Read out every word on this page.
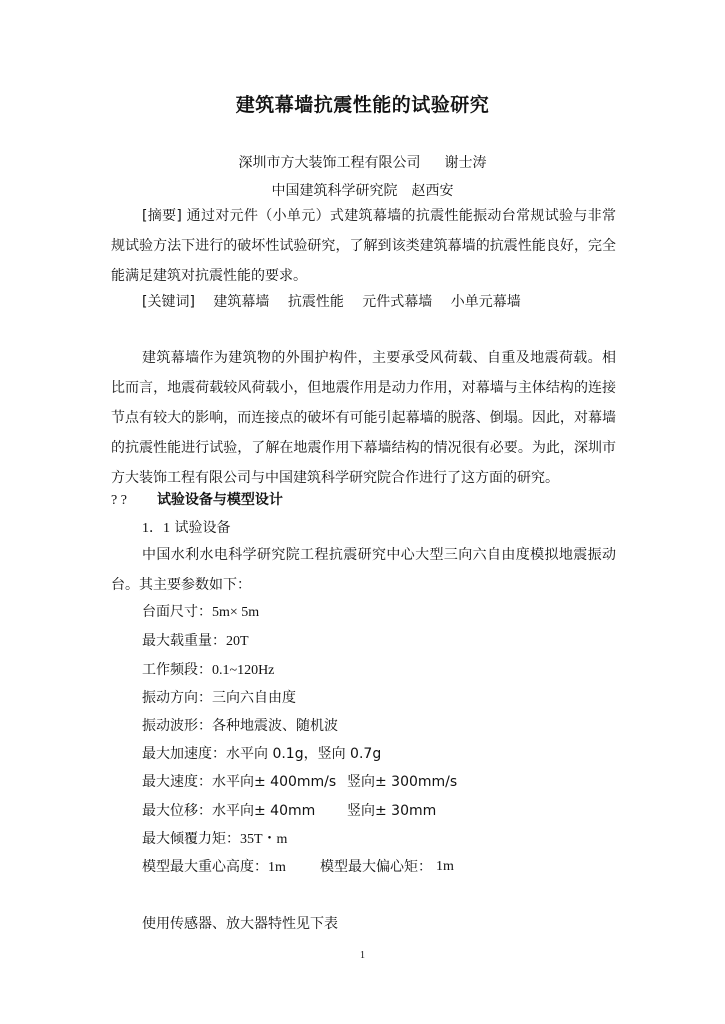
建筑幕墙抗震性能的试验研究
深圳市方大装饰工程有限公司 谢士涛
中国建筑科学研究院 赵西安
[摘要] 通过对元件（小单元）式建筑幕墙的抗震性能振动台常规试验与非常规试验方法下进行的破坏性试验研究，了解到该类建筑幕墙的抗震性能良好，完全能满足建筑对抗震性能的要求。
[关键词] 建筑幕墙 抗震性能 元件式幕墙 小单元幕墙
建筑幕墙作为建筑物的外围护构件，主要承受风荷载、自重及地震荷载。相比而言，地震荷载较风荷载小，但地震作用是动力作用，对幕墙与主体结构的连接节点有较大的影响，而连接点的破坏有可能引起幕墙的脱落、倒塌。因此，对幕墙的抗震性能进行试验，了解在地震作用下幕墙结构的情况很有必要。为此，深圳市方大装饰工程有限公司与中国建筑科学研究院合作进行了这方面的研究。
? ? 试验设备与模型设计
1．1 试验设备
中国水利水电科学研究院工程抗震研究中心大型三向六自由度模拟地震振动台。其主要参数如下：
台面尺寸：5m× 5m
最大载重量：20T
工作频段：0.1~120Hz
振动方向：三向六自由度
振动波形：各种地震波、随机波
最大加速度：水平向 0.1g，竖向 0.7g
最大速度：水平向± 400mm/s 竖向± 300mm/s
最大位移：水平向± 40mm 竖向± 30mm
最大倾覆力矩：35T・m
模型最大重心高度：1m 模型最大偏心矩： 1m
使用传感器、放大器特性见下表
1
